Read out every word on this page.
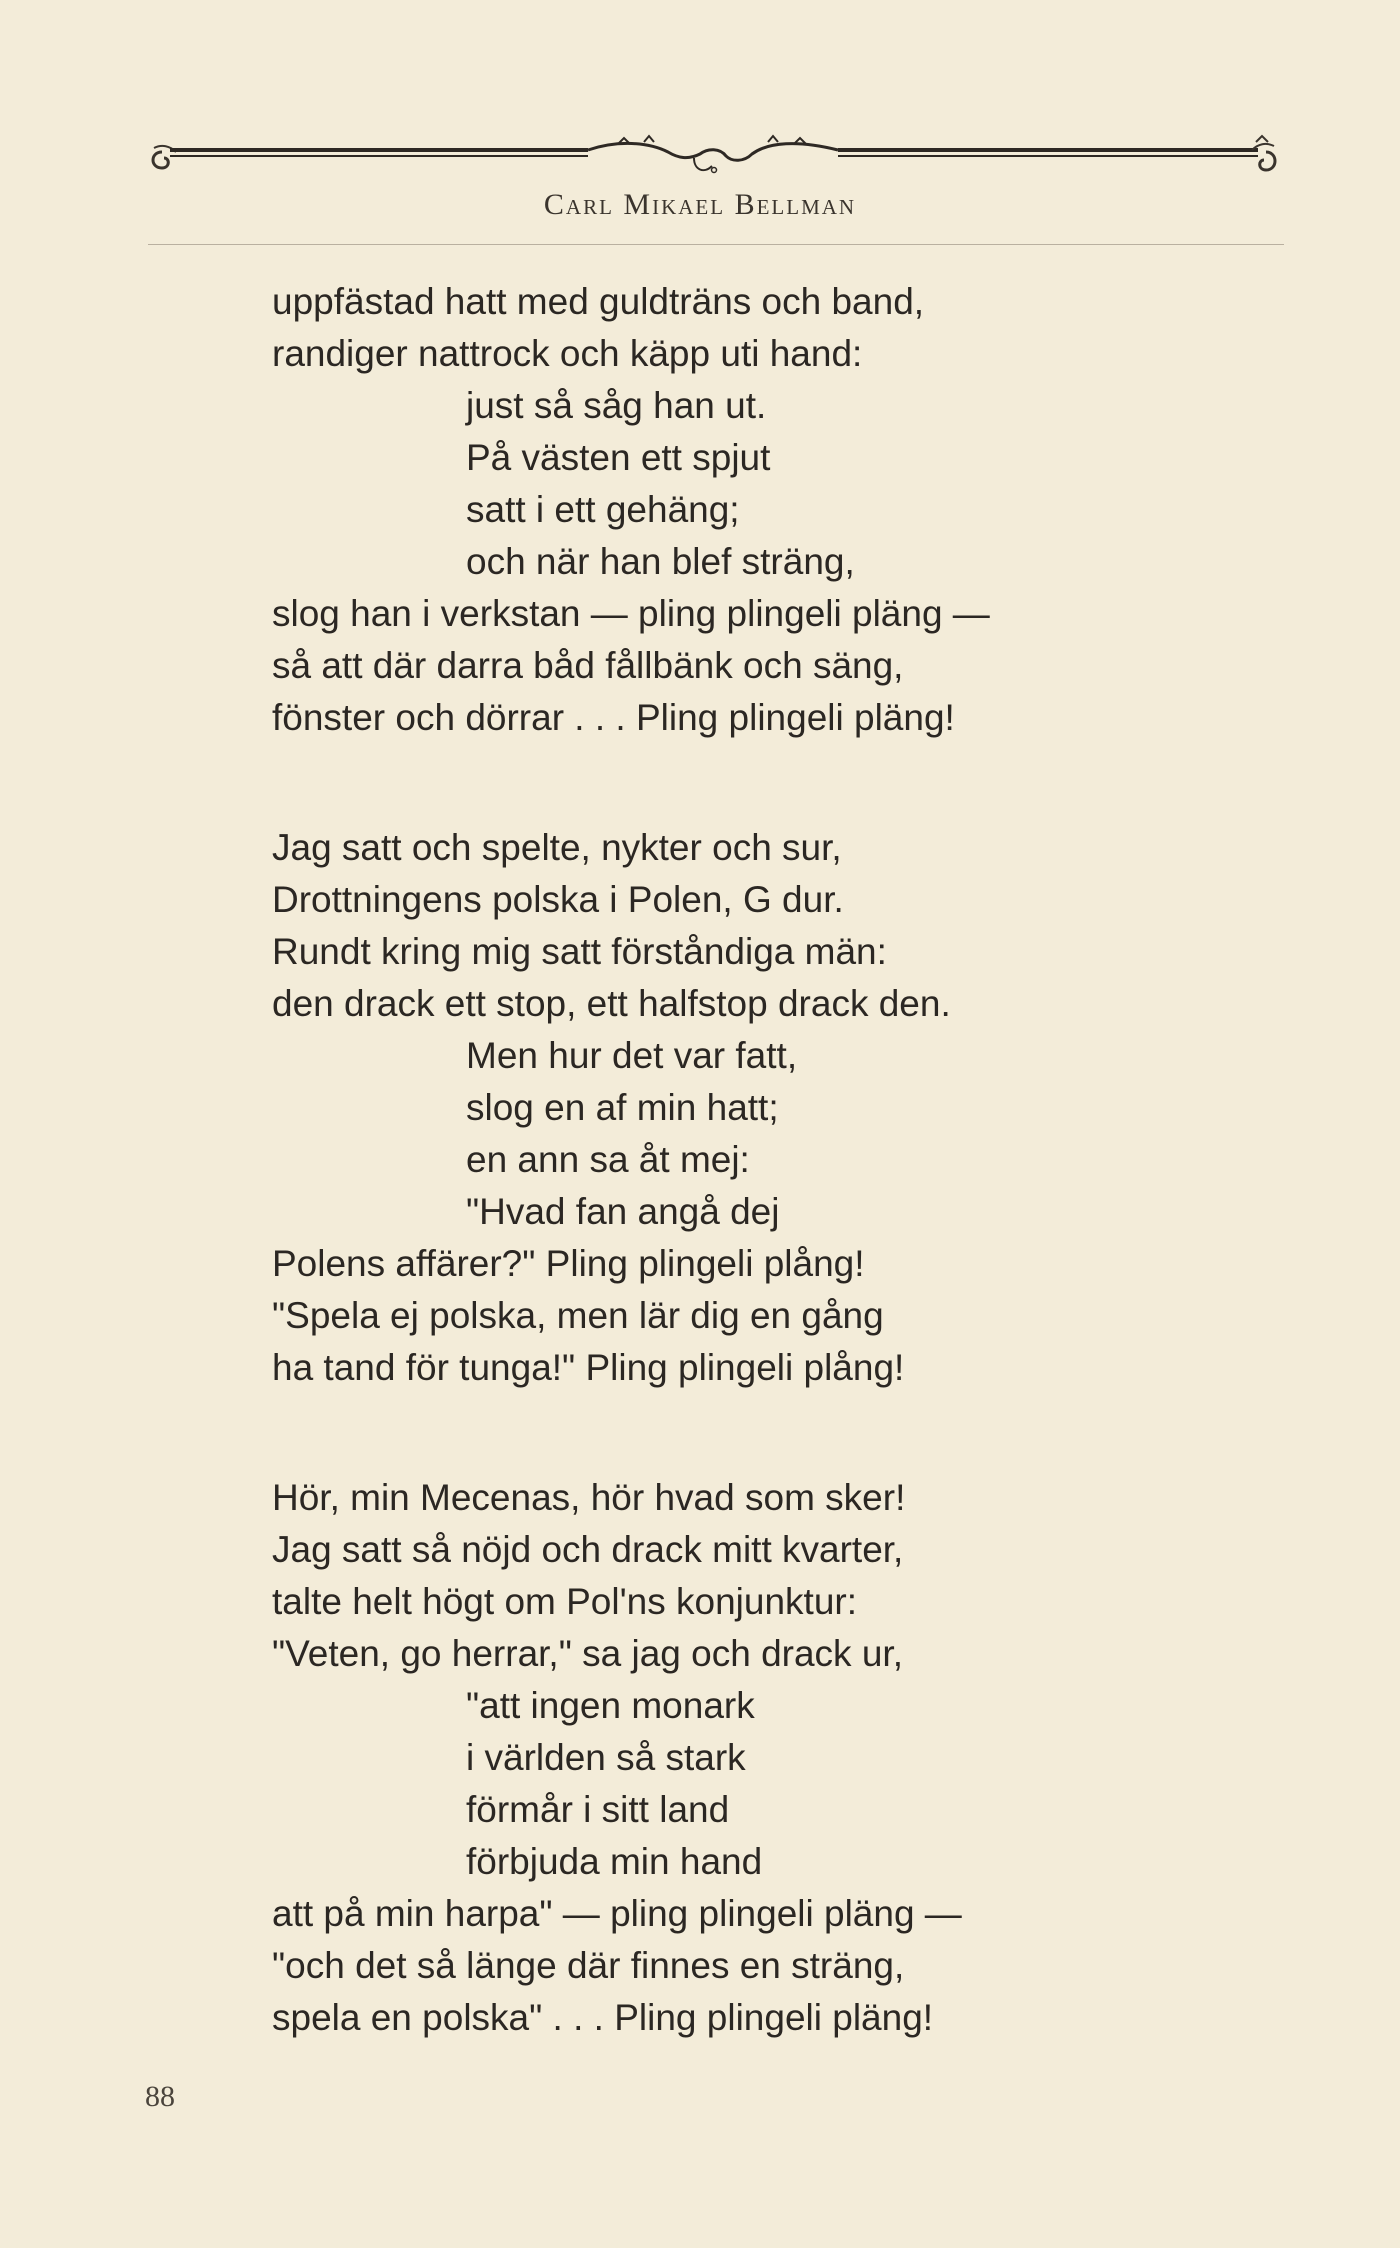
Carl Mikael Bellman
uppfästad hatt med guldträns och band,
randiger nattrock och käpp uti hand:
just så såg han ut.
På västen ett spjut
satt i ett gehäng;
och när han blef sträng,
slog han i verkstan — pling plingeli pläng —
så att där darra båd fållbänk och säng,
fönster och dörrar . . . Pling plingeli pläng!
Jag satt och spelte, nykter och sur,
Drottningens polska i Polen, G dur.
Rundt kring mig satt förståndiga män:
den drack ett stop, ett halfstop drack den.
Men hur det var fatt,
slog en af min hatt;
en ann sa åt mej:
"Hvad fan angå dej
Polens affärer?" Pling plingeli plång!
"Spela ej polska, men lär dig en gång
ha tand för tunga!" Pling plingeli plång!
Hör, min Mecenas, hör hvad som sker!
Jag satt så nöjd och drack mitt kvarter,
talte helt högt om Pol'ns konjunktur:
"Veten, go herrar," sa jag och drack ur,
"att ingen monark
i världen så stark
förmår i sitt land
förbjuda min hand
att på min harpa" — pling plingeli pläng —
"och det så länge där finnes en sträng,
spela en polska" . . . Pling plingeli pläng!
88
